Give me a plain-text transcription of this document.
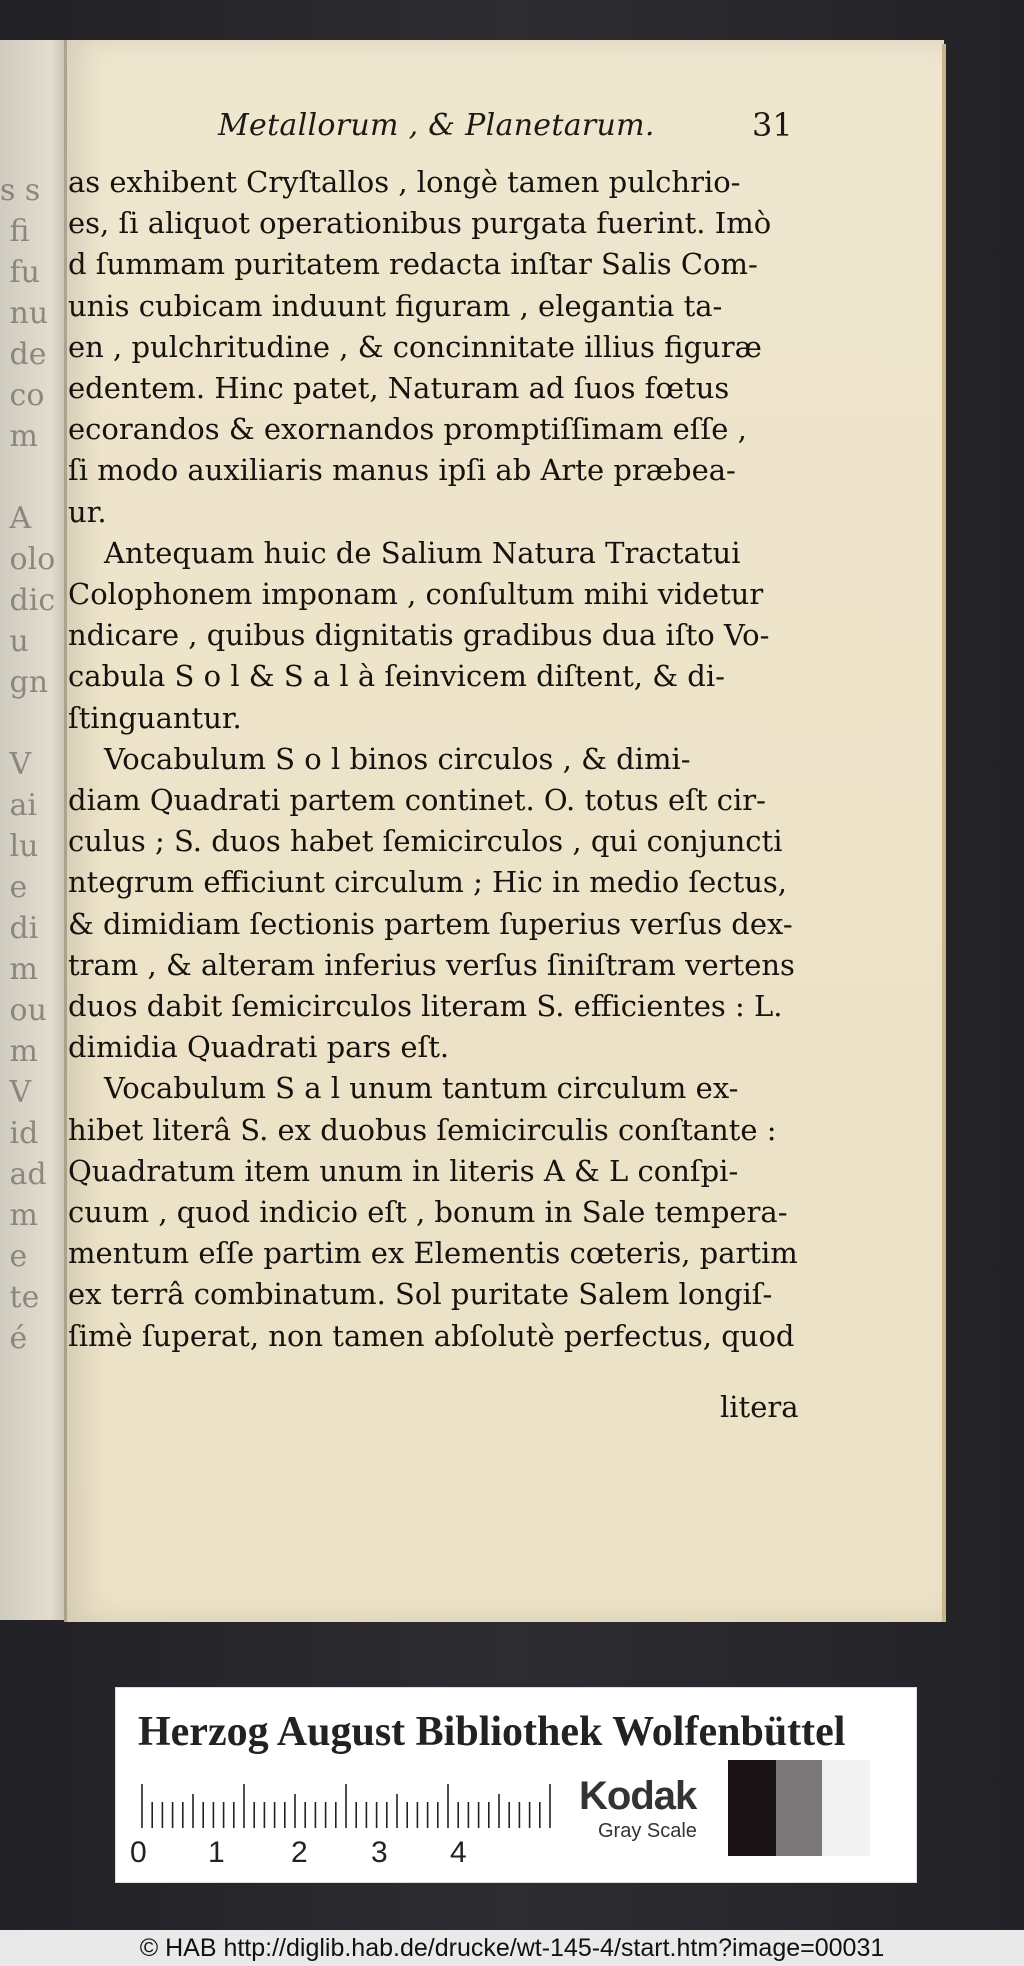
s s
fi
fu
nu
de
co
m

A
olo
dic
u
gn

V
ai
lu
e
di
m
ou
m
V
id
ad
m
e
te
é
Metallorum , & Planetarum.	31
as exhibent Cryſtallos , longè tamen pulchrio-
es, ſi aliquot operationibus purgata fuerint. Imò
d ſummam puritatem redacta inſtar Salis Com-
unis cubicam induunt figuram , elegantia ta-
en , pulchritudine , & concinnitate illius figuræ
edentem. Hinc patet, Naturam ad ſuos fœtus
ecorandos & exornandos promptiſſimam eſſe ,
ſi modo auxiliaris manus ipſi ab Arte præbea-
ur.
Antequam huic de Salium Natura Tractatui
Colophonem imponam , conſultum mihi videtur
ndicare , quibus dignitatis gradibus dua iſto Vo-
cabula S o l & S a l à ſeinvicem diſtent, & di-
ſtinguantur.
Vocabulum S o l binos circulos , & dimi-
diam Quadrati partem continet. O. totus eſt cir-
culus ; S. duos habet ſemicirculos , qui conjuncti
ntegrum efficiunt circulum ; Hic in medio ſectus,
& dimidiam ſectionis partem ſuperius verſus dex-
tram , & alteram inferius verſus ſiniſtram vertens
duos dabit ſemicirculos literam S. efficientes : L.
dimidia Quadrati pars eſt.
Vocabulum S a l unum tantum circulum ex-
hibet literâ S. ex duobus ſemicirculis conſtante :
Quadratum item unum in literis A & L conſpi-
cuum , quod indicio eſt , bonum in Sale tempera-
mentum eſſe partim ex Elementis cœteris, partim
ex terrâ combinatum. Sol puritate Salem longiſ-
ſimè ſuperat, non tamen abſolutè perfectus, quod
litera
Herzog August Bibliothek Wolfenbüttel
0 1 2 3 4
Kodak
Gray Scale
© HAB http://diglib.hab.de/drucke/wt-145-4/start.htm?image=00031
